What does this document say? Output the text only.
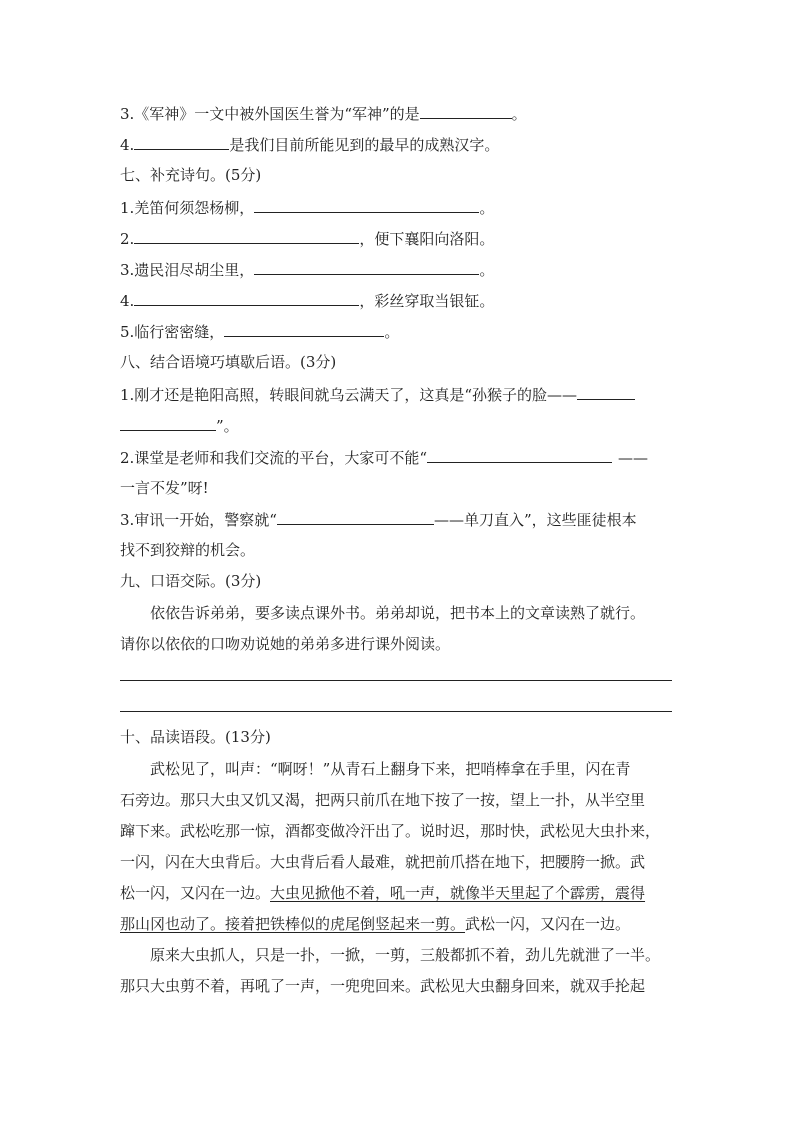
3.《军神》一文中被外国医生誉为“军神”的是	。
4.	是我们目前所能见到的最早的成熟汉字。
七、补充诗句。(5分)
1.羌笛何须怨杨柳，	。
2.	，便下襄阳向洛阳。
3.遗民泪尽胡尘里，	。
4.	，彩丝穿取当银钲。
5.临行密密缝，	。
八、结合语境巧填歇后语。(3分)
1.刚才还是艳阳高照，转眼间就乌云满天了，这真是“孙猴子的脸——
”。
2.课堂是老师和我们交流的平台，大家可不能“	——
一言不发”呀!
3.审讯一开始，警察就“	——单刀直入”，这些匪徒根本
找不到狡辩的机会。
九、口语交际。(3分)
依依告诉弟弟，要多读点课外书。弟弟却说，把书本上的文章读熟了就行。
请你以依依的口吻劝说她的弟弟多进行课外阅读。
十、品读语段。(13分)
武松见了，叫声：“啊呀！”从青石上翻身下来，把哨棒拿在手里，闪在青
石旁边。那只大虫又饥又渴，把两只前爪在地下按了一按，望上一扑，从半空里
蹿下来。武松吃那一惊，酒都变做冷汗出了。说时迟，那时快，武松见大虫扑来，
一闪，闪在大虫背后。大虫背后看人最难，就把前爪搭在地下，把腰胯一掀。武
松一闪，又闪在一边。大虫见掀他不着，吼一声，就像半天里起了个霹雳，震得
那山冈也动了。接着把铁棒似的虎尾倒竖起来一剪。武松一闪，又闪在一边。
原来大虫抓人，只是一扑，一掀，一剪，三般都抓不着，劲儿先就泄了一半。
那只大虫剪不着，再吼了一声，一兜兜回来。武松见大虫翻身回来，就双手抡起
